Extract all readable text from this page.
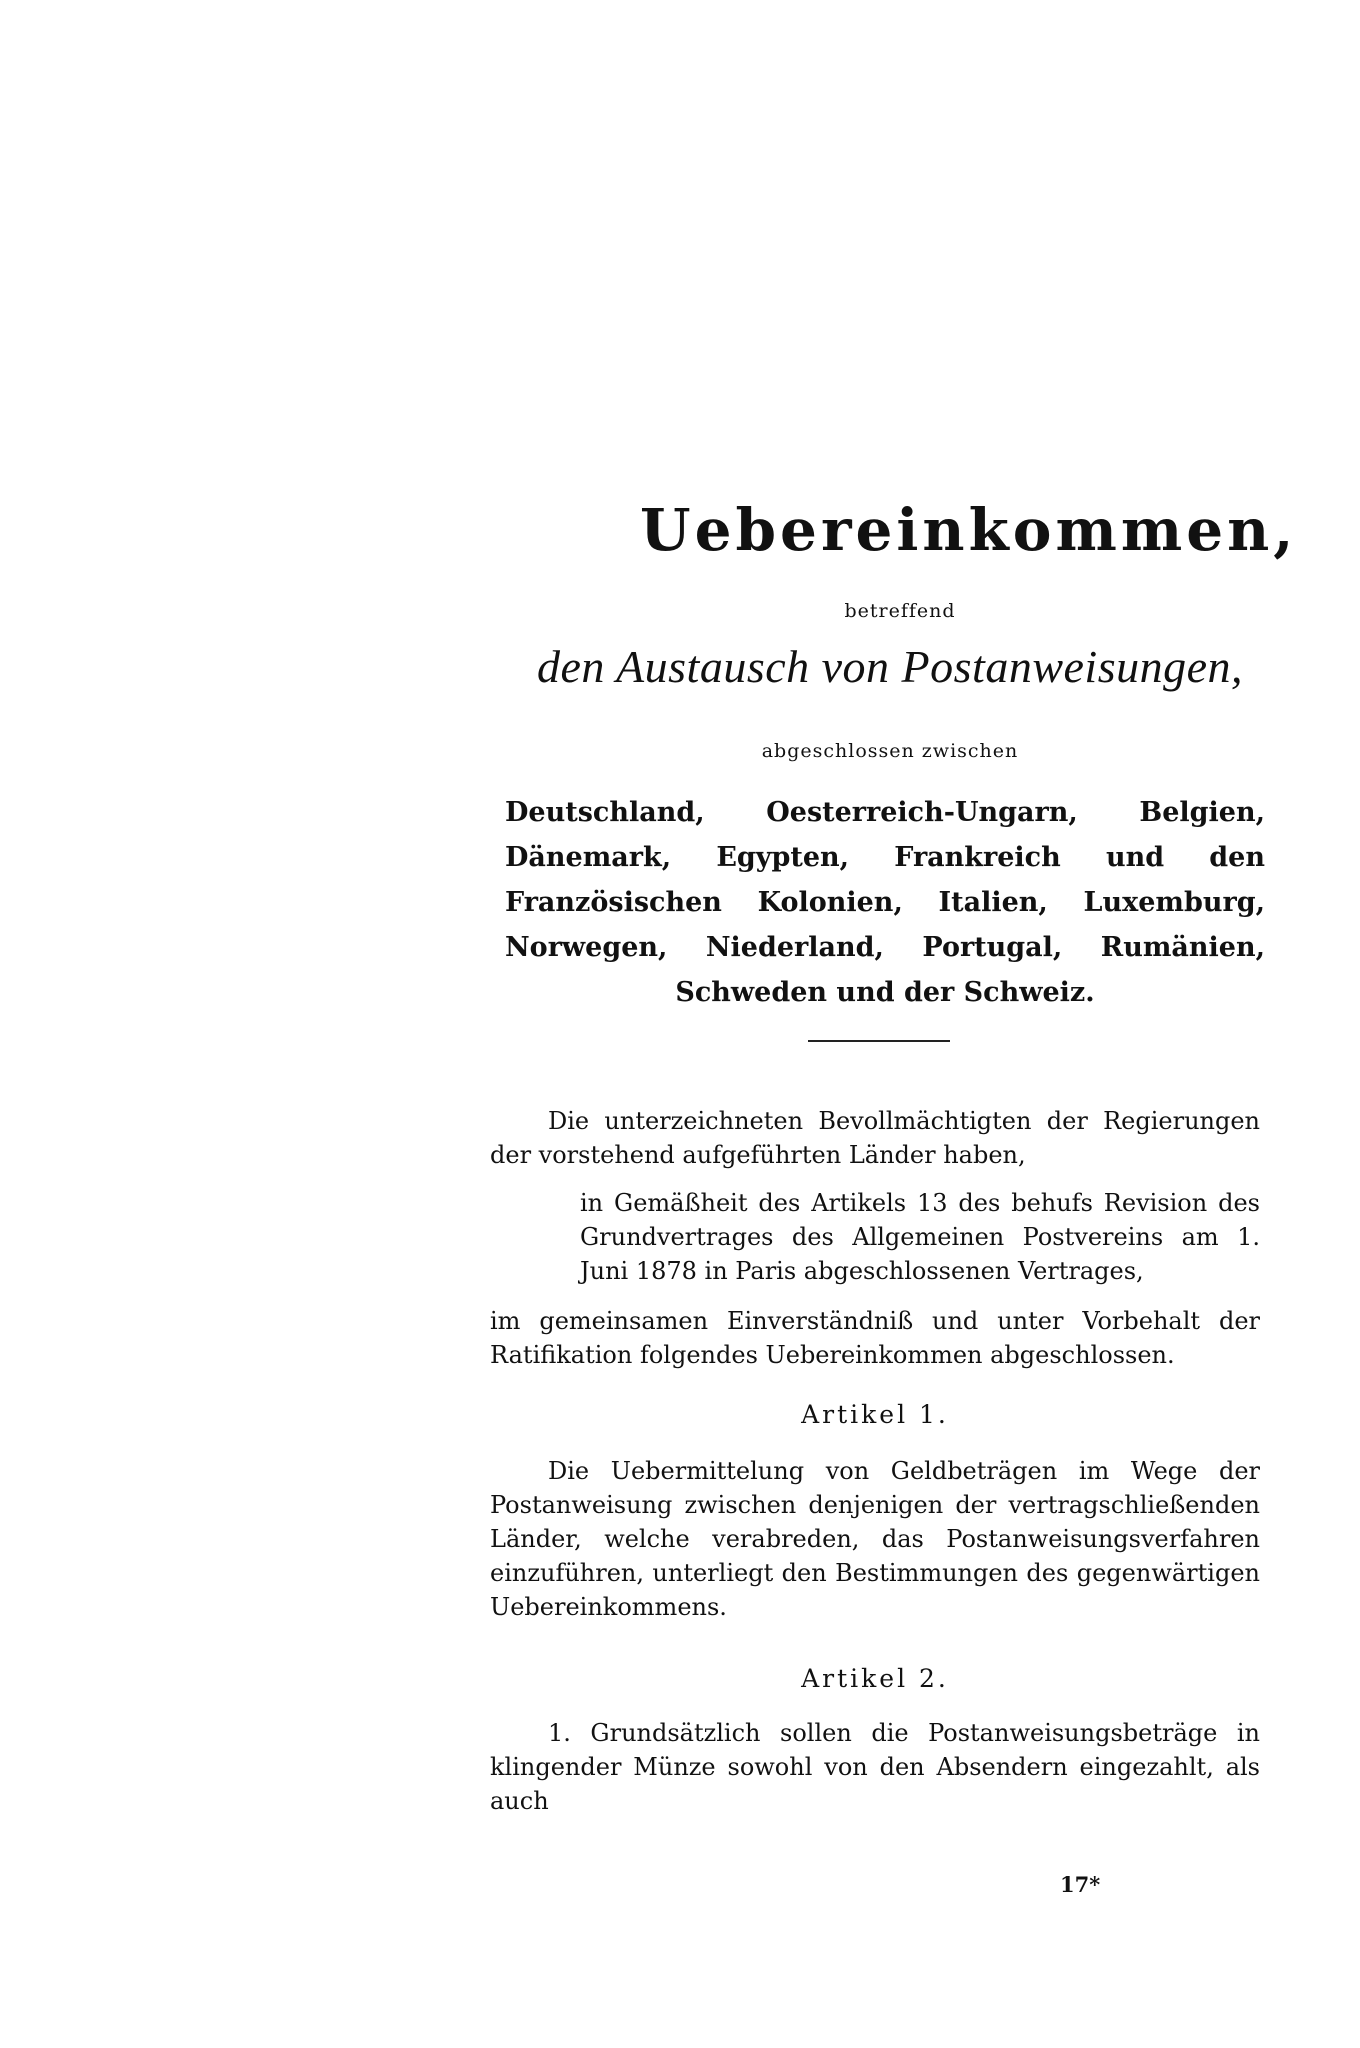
Uebereinkommen,
betreffend
den Austausch von Postanweisungen,
abgeschlossen zwischen
Deutschland, Oesterreich-Ungarn, Belgien, Dänemark, Egypten, Frankreich und den Französischen Kolonien, Italien, Luxemburg, Norwegen, Niederland, Portugal, Rumänien, Schweden und der Schweiz.
Die unterzeichneten Bevollmächtigten der Regierungen der vorstehend aufgeführten Länder haben,
in Gemäßheit des Artikels 13 des behufs Revision des Grundvertrages des Allgemeinen Postvereins am 1. Juni 1878 in Paris abgeschlossenen Vertrages,
im gemeinsamen Einverständniß und unter Vorbehalt der Ratifikation folgendes Uebereinkommen abgeschlossen.
Artikel 1.
Die Uebermittelung von Geldbeträgen im Wege der Postanweisung zwischen denjenigen der vertragschließenden Länder, welche verabreden, das Postanweisungsverfahren einzuführen, unterliegt den Bestimmungen des gegenwärtigen Uebereinkommens.
Artikel 2.
1. Grundsätzlich sollen die Postanweisungsbeträge in klingender Münze sowohl von den Absendern eingezahlt, als auch
17*
